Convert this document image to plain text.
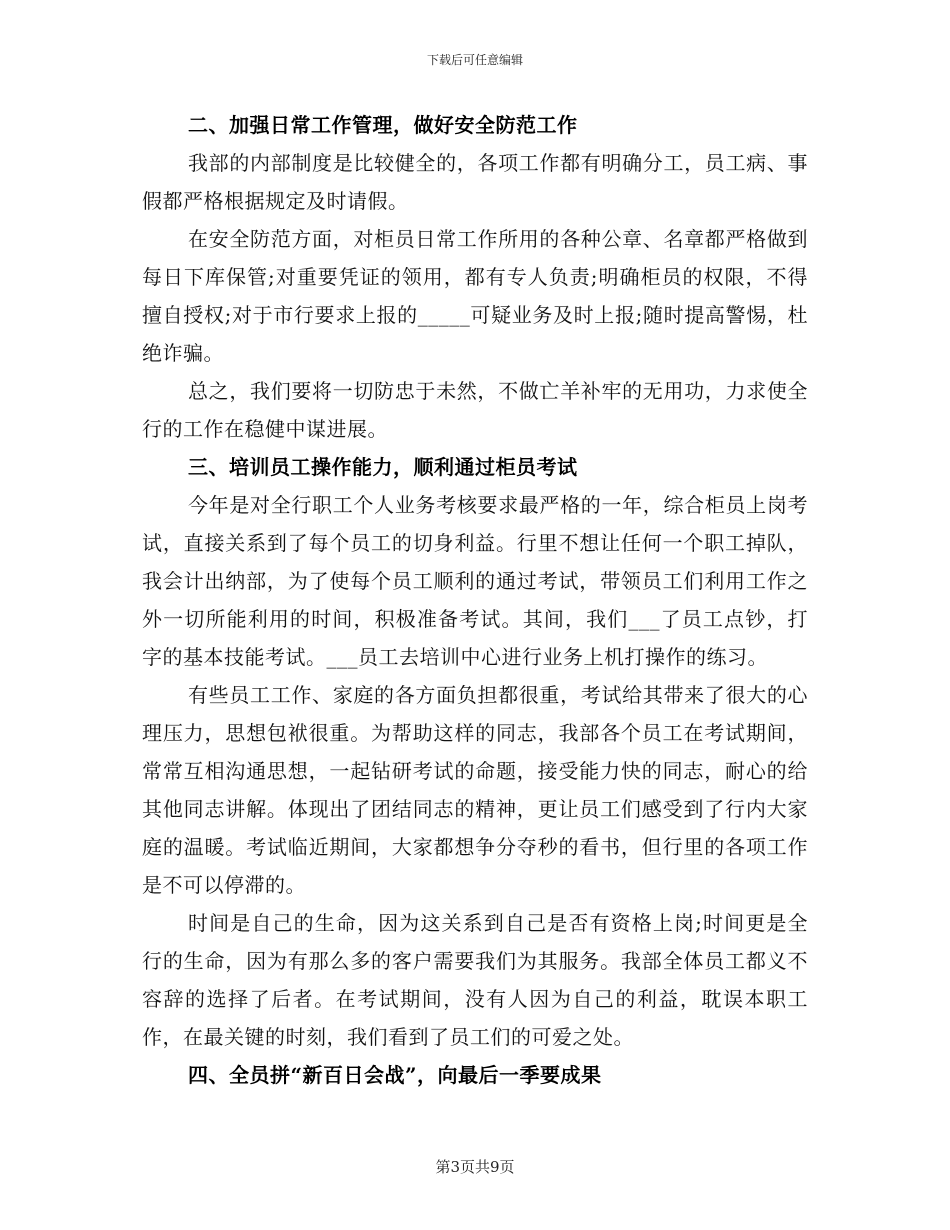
下载后可任意编辑
二、加强日常工作管理，做好安全防范工作

我部的内部制度是比较健全的，各项工作都有明确分工，员工病、事假都严格根据规定及时请假。

在安全防范方面，对柜员日常工作所用的各种公章、名章都严格做到每日下库保管;对重要凭证的领用，都有专人负责;明确柜员的权限，不得擅自授权;对于市行要求上报的_____可疑业务及时上报;随时提高警惕，杜绝诈骗。

总之，我们要将一切防忠于未然，不做亡羊补牢的无用功，力求使全行的工作在稳健中谋进展。

三、培训员工操作能力，顺利通过柜员考试

今年是对全行职工个人业务考核要求最严格的一年，综合柜员上岗考试，直接关系到了每个员工的切身利益。行里不想让任何一个职工掉队，我会计出纳部，为了使每个员工顺利的通过考试，带领员工们利用工作之外一切所能利用的时间，积极准备考试。其间，我们___了员工点钞，打字的基本技能考试。___员工去培训中心进行业务上机打操作的练习。

有些员工工作、家庭的各方面负担都很重，考试给其带来了很大的心理压力，思想包袱很重。为帮助这样的同志，我部各个员工在考试期间，常常互相沟通思想，一起钻研考试的命题，接受能力快的同志，耐心的给其他同志讲解。体现出了团结同志的精神，更让员工们感受到了行内大家庭的温暖。考试临近期间，大家都想争分夺秒的看书，但行里的各项工作是不可以停滞的。

时间是自己的生命，因为这关系到自己是否有资格上岗;时间更是全行的生命，因为有那么多的客户需要我们为其服务。我部全体员工都义不容辞的选择了后者。在考试期间，没有人因为自己的利益，耽误本职工作，在最关键的时刻，我们看到了员工们的可爱之处。

四、全员拼“新百日会战”，向最后一季要成果
第3页共9页
